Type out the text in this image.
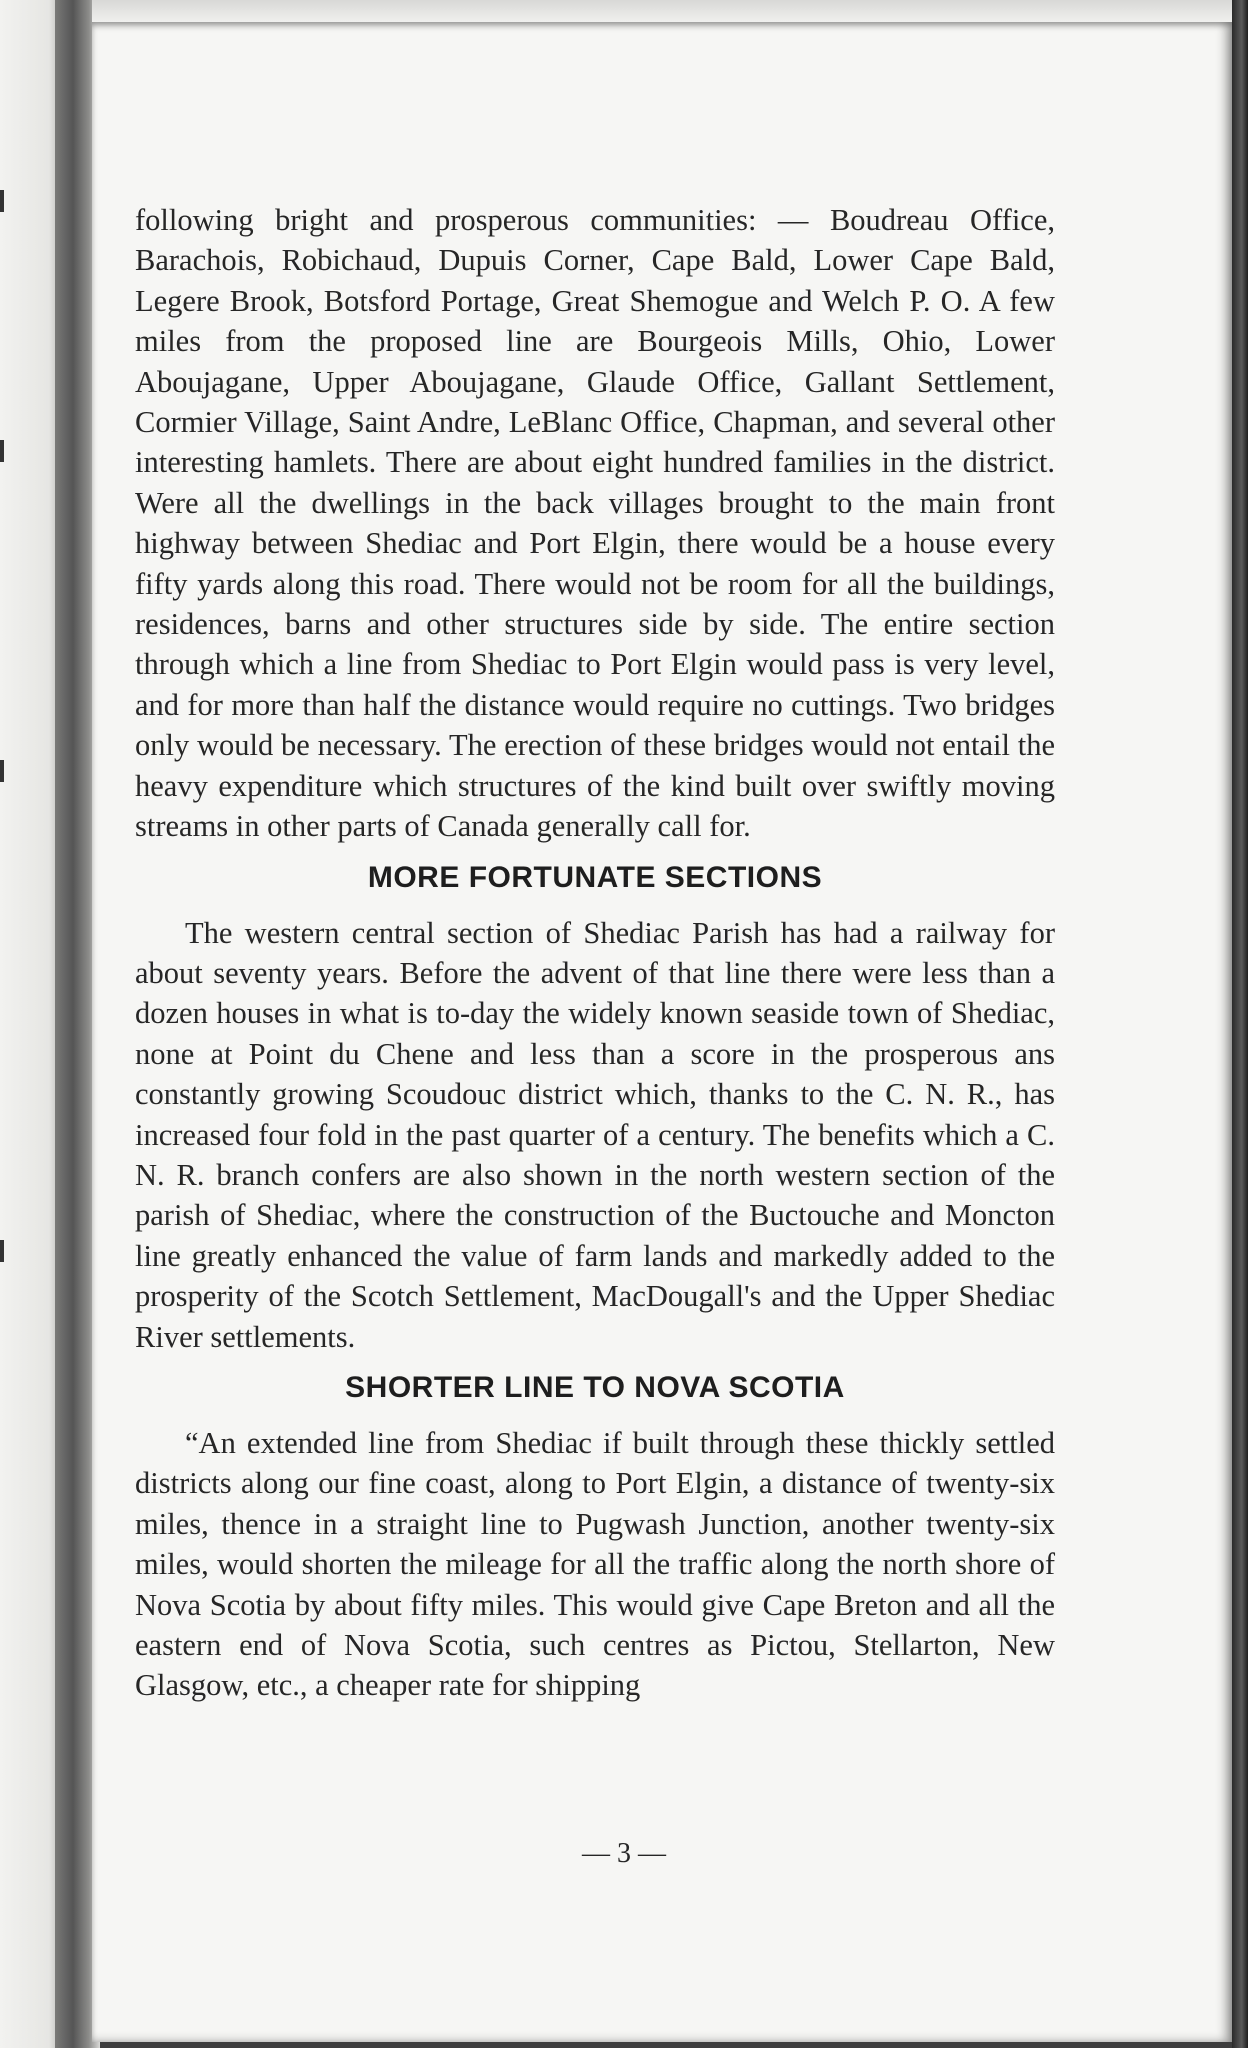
following bright and prosperous communities: — Boudreau Office, Barachois, Robichaud, Dupuis Corner, Cape Bald, Lower Cape Bald, Legere Brook, Botsford Portage, Great Shemogue and Welch P. O. A few miles from the proposed line are Bourgeois Mills, Ohio, Lower Aboujagane, Upper Aboujagane, Glaude Office, Gallant Settlement, Cormier Village, Saint Andre, LeBlanc Office, Chapman, and several other interesting hamlets. There are about eight hundred families in the district. Were all the dwellings in the back villages brought to the main front highway between Shediac and Port Elgin, there would be a house every fifty yards along this road. There would not be room for all the buildings, residences, barns and other structures side by side. The entire section through which a line from Shediac to Port Elgin would pass is very level, and for more than half the distance would require no cuttings. Two bridges only would be necessary. The erection of these bridges would not entail the heavy expenditure which structures of the kind built over swiftly moving streams in other parts of Canada generally call for.

MORE FORTUNATE SECTIONS

The western central section of Shediac Parish has had a railway for about seventy years. Before the advent of that line there were less than a dozen houses in what is to-day the widely known seaside town of Shediac, none at Point du Chene and less than a score in the prosperous ans constantly growing Scoudouc district which, thanks to the C. N. R., has increased four fold in the past quarter of a century. The benefits which a C. N. R. branch confers are also shown in the north western section of the parish of Shediac, where the construction of the Buctouche and Moncton line greatly enhanced the value of farm lands and markedly added to the prosperity of the Scotch Settlement, MacDougall's and the Upper Shediac River settlements.

SHORTER LINE TO NOVA SCOTIA

“An extended line from Shediac if built through these thickly settled districts along our fine coast, along to Port Elgin, a distance of twenty-six miles, thence in a straight line to Pugwash Junction, another twenty-six miles, would shorten the mileage for all the traffic along the north shore of Nova Scotia by about fifty miles. This would give Cape Breton and all the eastern end of Nova Scotia, such centres as Pictou, Stellarton, New Glasgow, etc., a cheaper rate for shipping

— 3 —
